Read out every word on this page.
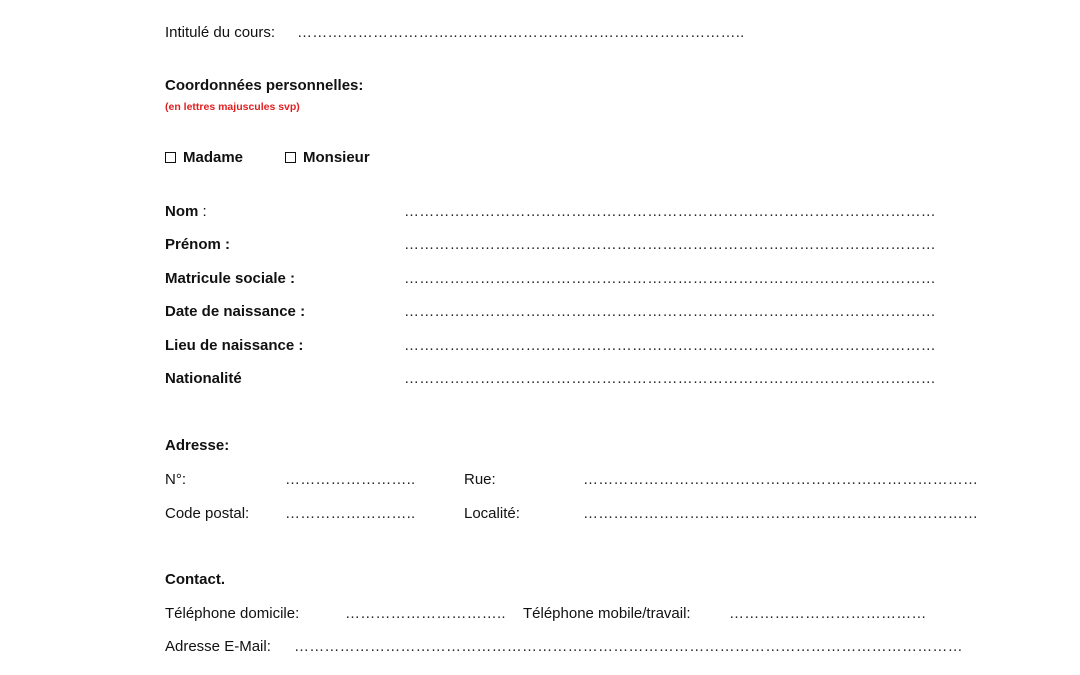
Intitulé du cours: …………………………..……….………………………………………..
Coordonnées personnelles:
(en lettres majuscules svp)
Madame	Monsieur
Nom :	……………………………………………………………………………………………
Prénom :	……………………………………………………………………………………………
Matricule sociale :	……………………………………………………………………………………………
Date de naissance :	……………………………………………………………………………………………
Lieu de naissance :	……………………………………………………………………………………………
Nationalité	……………………………………………………………………………………………
Adresse:
N°:	……………………..	Rue:	……………………………………………………………………
Code postal: ……………………..	Localité:	……………………………………………………………………
Contact.
Téléphone domicile:	………………………….. Téléphone mobile/travail:	…………………………………
Adresse E-Mail: ……………………………………………………………………………………………………………………
